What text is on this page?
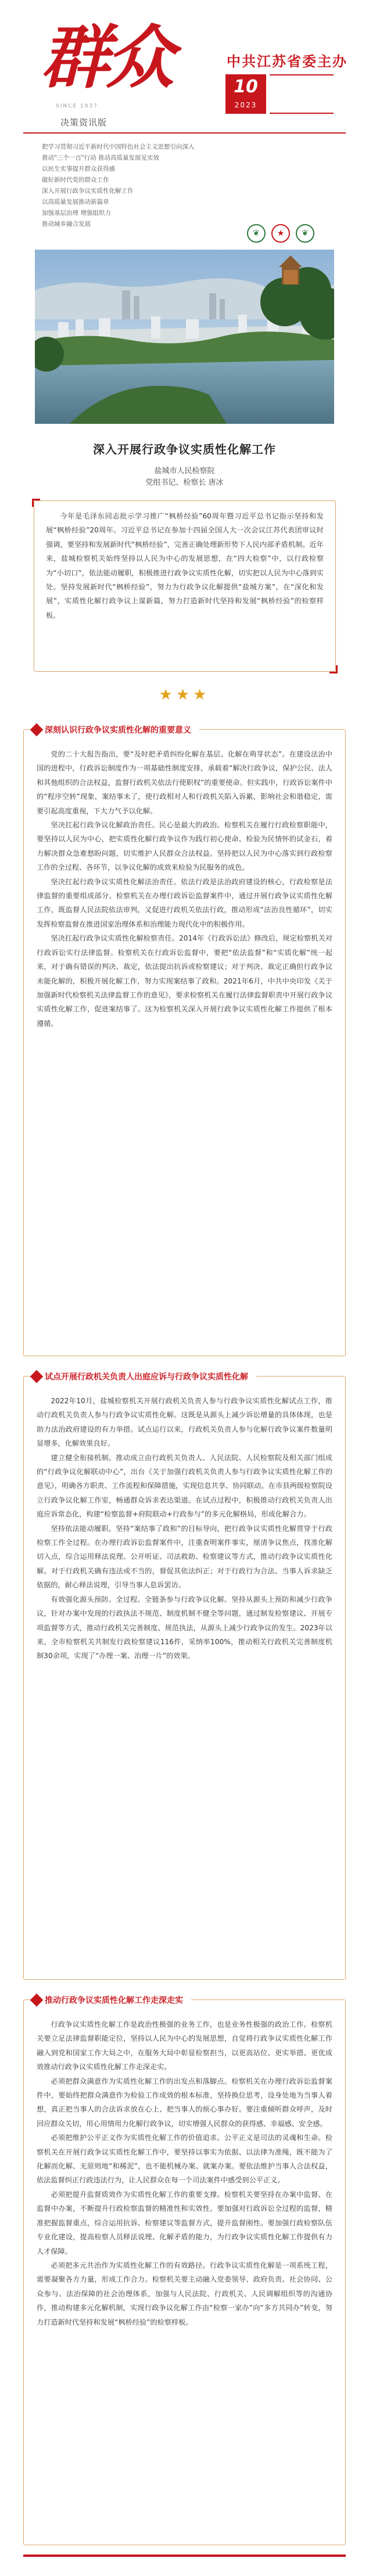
群众
SINCE 1937
决策资讯版
中共江苏省委主办
10
2023
把学习贯彻习近平新时代中国特色社会主义思想引向深入
推动"三个一百"行动 推动高质量发展见实效
以民生实事提升群众获得感
做好新时代党的群众工作
深入开展行政争议实质性化解工作
以高质量发展推动新篇章
加强基层治理 增强组织力
推动城乡融合发展
❦	★	❦
深入开展行政争议实质性化解工作
盐城市人民检察院
党组书记、检察长 唐冰

今年是毛泽东同志批示学习推广“枫桥经验”60周年暨习近平总书记指示坚持和发展“枫桥经验”20周年。习近平总书记在参加十四届全国人大一次会议江苏代表团审议时强调，要坚持和发展新时代“枫桥经验”，完善正确处理新形势下人民内部矛盾机制。近年来，盐城检察机关始终坚持以人民为中心的发展思想，在“四大检察”中，以行政检察为“小切口”，依法能动履职，积极推进行政争议实质性化解，切实把以人民为中心落到实处。坚持发展新时代“枫桥经验”，努力为行政争议化解提供“盐城方案”，在“深化和发展”，实质性化解行政争议上谋新篇，努力打造新时代坚持和发展“枫桥经验”的检察样板。

★★★
深刻认识行政争议实质性化解的重要意义

党的二十大报告指出，要“及时把矛盾纠纷化解在基层、化解在萌芽状态”。在建设法治中国的进程中，行政诉讼制度作为一项基础性制度安排，承载着“解决行政争议，保护公民、法人和其他组织的合法权益，监督行政机关依法行使职权”的重要使命。但实践中，行政诉讼案件中的“程序空转”现象，案结事未了，使行政相对人和行政机关陷入诉累，影响社会和谐稳定，需要引起高度重视，下大力气予以化解。

坚决扛起行政争议化解政治责任。民心是最大的政治。检察机关在履行行政检察职能中，要坚持以人民为中心，把实质性化解行政争议作为践行初心使命、检验为民情怀的试金石，着力解决群众急难愁盼问题，切实维护人民群众合法权益。坚持把以人民为中心落实到行政检察工作的全过程、各环节，以争议化解的成效来检验为民服务的成色。

坚决扛起行政争议实质性化解法治责任。依法行政是法治政府建设的核心，行政检察是法律监督的重要组成部分。检察机关在办理行政诉讼监督案件中，通过开展行政争议实质性化解工作，既监督人民法院依法审判，又促进行政机关依法行政，推动形成“法治良性循环”，切实发挥检察监督在推进国家治理体系和治理能力现代化中的积极作用。

坚决扛起行政争议实质性化解检察责任。2014年《行政诉讼法》修改后，规定检察机关对行政诉讼实行法律监督。检察机关在行政诉讼监督中，要把“依法监督”和“实质化解”统一起来，对于确有错误的判决、裁定，依法提出抗诉或检察建议；对于判决、裁定正确但行政争议未能化解的，积极开展化解工作，努力实现案结事了政和。2021年6月，中共中央印发《关于加强新时代检察机关法律监督工作的意见》，要求检察机关在履行法律监督职责中开展行政争议实质性化解工作，促进案结事了。这为检察机关深入开展行政争议实质性化解工作提供了根本遵循。

试点开展行政机关负责人出庭应诉与行政争议实质性化解

2022年10月，盐城检察机关开展行政机关负责人参与行政争议实质性化解试点工作，推动行政机关负责人参与行政争议实质性化解。这既是从源头上减少诉讼增量的具体体现，也是助力法治政府建设的有力举措。试点运行以来，行政机关负责人参与化解行政争议案件数量明显增多，化解效果良好。

建立健全衔接机制。推动成立由行政机关负责人、人民法院、人民检察院及相关部门组成的“行政争议化解联动中心”，出台《关于加强行政机关负责人参与行政争议实质性化解工作的意见》，明确各方职责、工作流程和保障措施，实现信息共享、协同联动。在市县两级检察院设立行政争议化解工作室，畅通群众诉求表达渠道。在试点过程中，积极推动行政机关负责人出庭应诉常态化，构建“检察监督+府院联动+行政参与”的多元化解格局，形成化解合力。

坚持依法能动履职。坚持“案结事了政和”的目标导向，把行政争议实质性化解贯穿于行政检察工作全过程。在办理行政诉讼监督案件中，注重查明案件事实，厘清争议焦点，找准化解切入点，综合运用释法说理、公开听证、司法救助、检察建议等方式，推动行政争议实质性化解。对于行政机关确有违法或不当的，督促其依法纠正；对于行政行为合法、当事人诉求缺乏依据的，耐心释法说理，引导当事人息诉罢访。

有效强化源头预防。全过程、全链条参与行政争议化解。坚持从源头上预防和减少行政争议，针对办案中发现的行政执法不规范、制度机制不健全等问题，通过制发检察建议、开展专项监督等方式，推动行政机关完善制度、规范执法，从源头上减少行政争议的发生。2023年以来，全市检察机关共制发行政检察建议116件，采纳率100%，推动相关行政机关完善制度机制30余项，实现了“办理一案、治理一片”的效果。

推动行政争议实质性化解工作走深走实

行政争议实质性化解工作是政治性极强的业务工作，也是业务性极强的政治工作。检察机关要立足法律监督职能定位，坚持以人民为中心的发展思想，自觉将行政争议实质性化解工作融入到党和国家工作大局之中，在服务大局中彰显检察担当，以更高站位、更实举措、更优成效推动行政争议实质性化解工作走深走实。

必须把群众满意作为实质性化解工作的出发点和落脚点。检察机关在办理行政诉讼监督案件中，要始终把群众满意作为检验工作成效的根本标准，坚持换位思考，设身处地为当事人着想，真正把当事人的合法诉求放在心上、把当事人的烦心事办好。要注重倾听群众呼声，及时回应群众关切，用心用情用力化解行政争议，切实增强人民群众的获得感、幸福感、安全感。

必须把维护公平正义作为实质性化解工作的价值追求。公平正义是司法的灵魂和生命。检察机关在开展行政争议实质性化解工作中，要坚持以事实为依据、以法律为准绳，既不能为了化解而化解、无原则地“和稀泥”，也不能机械办案、就案办案。要依法维护当事人合法权益，依法监督纠正行政违法行为，让人民群众在每一个司法案件中感受到公平正义。

必须把提升监督质效作为实质性化解工作的重要支撑。检察机关要坚持在办案中监督、在监督中办案，不断提升行政检察监督的精准性和实效性。要加强对行政诉讼全过程的监督，精准把握监督重点，综合运用抗诉、检察建议等监督方式，提升监督刚性。要加强行政检察队伍专业化建设，提高检察人员释法说理、化解矛盾的能力，为行政争议实质性化解工作提供有力人才保障。

必须把多元共治作为实质性化解工作的有效路径。行政争议实质性化解是一项系统工程，需要凝聚各方力量，形成工作合力。检察机关要主动融入党委领导、政府负责、社会协同、公众参与、法治保障的社会治理体系，加强与人民法院、行政机关、人民调解组织等的沟通协作，推动构建多元化解机制，实现行政争议化解工作由“检察一家办”向“多方共同办”转变，努力打造新时代坚持和发展“枫桥经验”的检察样板。
